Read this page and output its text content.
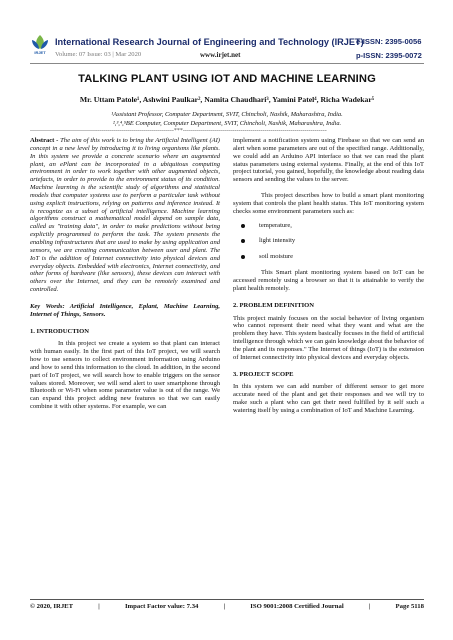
IRJET
International Research Journal of Engineering and Technology (IRJET)
e-ISSN: 2395-0056
Volume: 07 Issue: 03 | Mar 2020	www.irjet.net	p-ISSN: 2395-0072
TALKING PLANT USING IOT AND MACHINE LEARNING
Mr. Uttam Patole¹, Ashwini Paulkar², Namita Chaudhari³, Yamini Patel⁴, Richa Wadekar⁵
¹Assistant Professor, Computer Department, SVIT, Chincholi, Nashik, Maharashtra, India.
²,³,⁴,⁵BE Computer, Computer Department, SVIT, Chincholi, Nashik, Maharashtra, India.
------------------------------------------------------------------------***------------------------------------------------------------------------

Abstract - The aim of this work is to bring the Artificial Intelligent (AI) concept in a new level by introducing it to living organisms like plants. In this system we provide a concrete scenario where an augmented plant, an ePlant can be incorporated in a ubiquitous computing environment in order to work together with other augmented objects, artefacts, in order to provide to the environment status of its condition. Machine learning is the scientific study of algorithms and statistical models that computer systems use to perform a particular task without using explicit instructions, relying on patterns and inference instead. It is recognize as a subset of artificial intelligence. Machine learning algorithms construct a mathematical model depend on sample data, called as "training data", in order to make predictions without being explicitly programmed to perform the task. The system presents the enabling infrastructures that are used to make by using application and sensors, we are creating communication between user and plant. The IoT is the addition of Internet connectivity into physical devices and everyday objects. Embedded with electronics, Internet connectivity, and other forms of hardware (like sensors), these devices can interact with others over the Internet, and they can be remotely examined and controlled.

Key Words: Artificial Intelligence, Eplant, Machine Learning, Internet of Things, Sensors.

1. INTRODUCTION

In this project we create a system so that plant can interact with human easily. In the first part of this IoT project, we will search how to use sensors to collect environment information using Arduino and how to send this information to the cloud. In addition, in the second part of IoT project, we will search how to enable triggers on the sensor values stored. Moreover, we will send alert to user smartphone through Bluetooth or Wi-Fi when some parameter value is out of the range. We can expand this project adding new features so that we can easily combine it with other systems. For example, we can

implement a notification system using Firebase so that we can send an alert when some parameters are out of the specified range. Additionally, we could add an Arduino API interface so that we can read the plant status parameters using external systems. Finally, at the end of this IoT project tutorial, you gained, hopefully, the knowledge about reading data sensors and sending the values to the server.

This project describes how to build a smart plant monitoring system that controls the plant health status. This IoT monitoring system checks some environment parameters such as:

temperature,
light intensity
soil moisture

This Smart plant monitoring system based on IoT can be accessed remotely using a browser so that it is attainable to verify the plant health remotely.

2. PROBLEM DEFINITION

This project mainly focuses on the social behavior of living organism who cannot represent their need what they want and what are the problem they have. This system basically focuses in the field of artificial intelligence through which we can gain knowledge about the behavior of the plant and its responses." The Internet of things (IoT) is the extension of Internet connectivity into physical devices and everyday objects.

3. PROJECT SCOPE

In this system we can add number of different sensor to get more accurate need of the plant and get their responses and we will try to make such a plant who can get their need fulfilled by it self such a watering itself by using a combination of IoT and Machine Learning.

© 2020, IRJET	|	Impact Factor value: 7.34	|	ISO 9001:2008 Certified Journal	|	Page 5118
